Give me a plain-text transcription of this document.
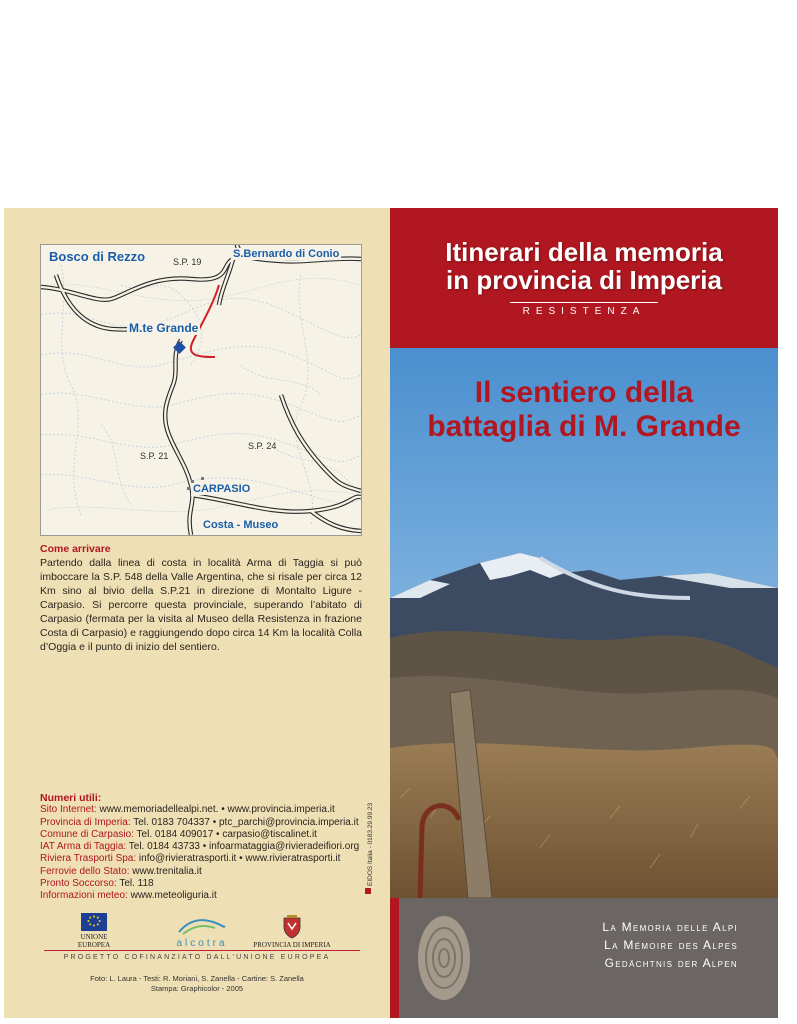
Bosco di Rezzo	S.P. 19
S.Bernardo di Conio
M.te Grande
S.P. 24
S.P. 21
CARPASIO
Costa - Museo
Come arrivare

Partendo dalla linea di costa in località Arma di Taggia si può imboccare la S.P. 548 della Valle Argentina, che si risale per circa 12 Km sino al bivio della S.P.21 in direzione di Montalto Ligure - Carpasio. Si percorre questa provinciale, superando l’abitato di Carpasio (fermata per la visita al Museo della Resistenza in frazione Costa di Carpasio) e raggiungendo dopo circa 14 Km la località Colla d’Oggia e il punto di inizio del sentiero.

Numeri utili:
Sito Internet: www.memoriadellealpi.net. • www.provincia.imperia.it
Provincia di Imperia: Tel. 0183 704337 • ptc_parchi@provincia.imperia.it
Comune di Carpasio: Tel. 0184 409017 • carpasio@tiscalinet.it
IAT Arma di Taggia: Tel. 0184 43733 • infoarmataggia@rivieradeifiori.org
Riviera Trasporti Spa: info@rivieratrasporti.it • www.rivieratrasporti.it
Ferrovie dello Stato: www.trenitalia.it
Pronto Soccorso: Tel. 118
Informazioni meteo: www.meteoliguria.it
EIDOS Italia - 0183.29.99.23
UNIONE EUROPEA	alcotra	PROVINCIA DI IMPERIA
PROGETTO COFINANZIATO DALL’UNIONE EUROPEA
Foto: L. Laura - Testi: R. Moriani, S. Zanella - Cartine: S. Zanella
Stampa: Graphicolor - 2005
Itinerari della memoria
in provincia di Imperia
RESISTENZA
Il sentiero della
battaglia di M. Grande
La Memoria delle Alpi
La Mémoire des Alpes
Gedächtnis der Alpen
